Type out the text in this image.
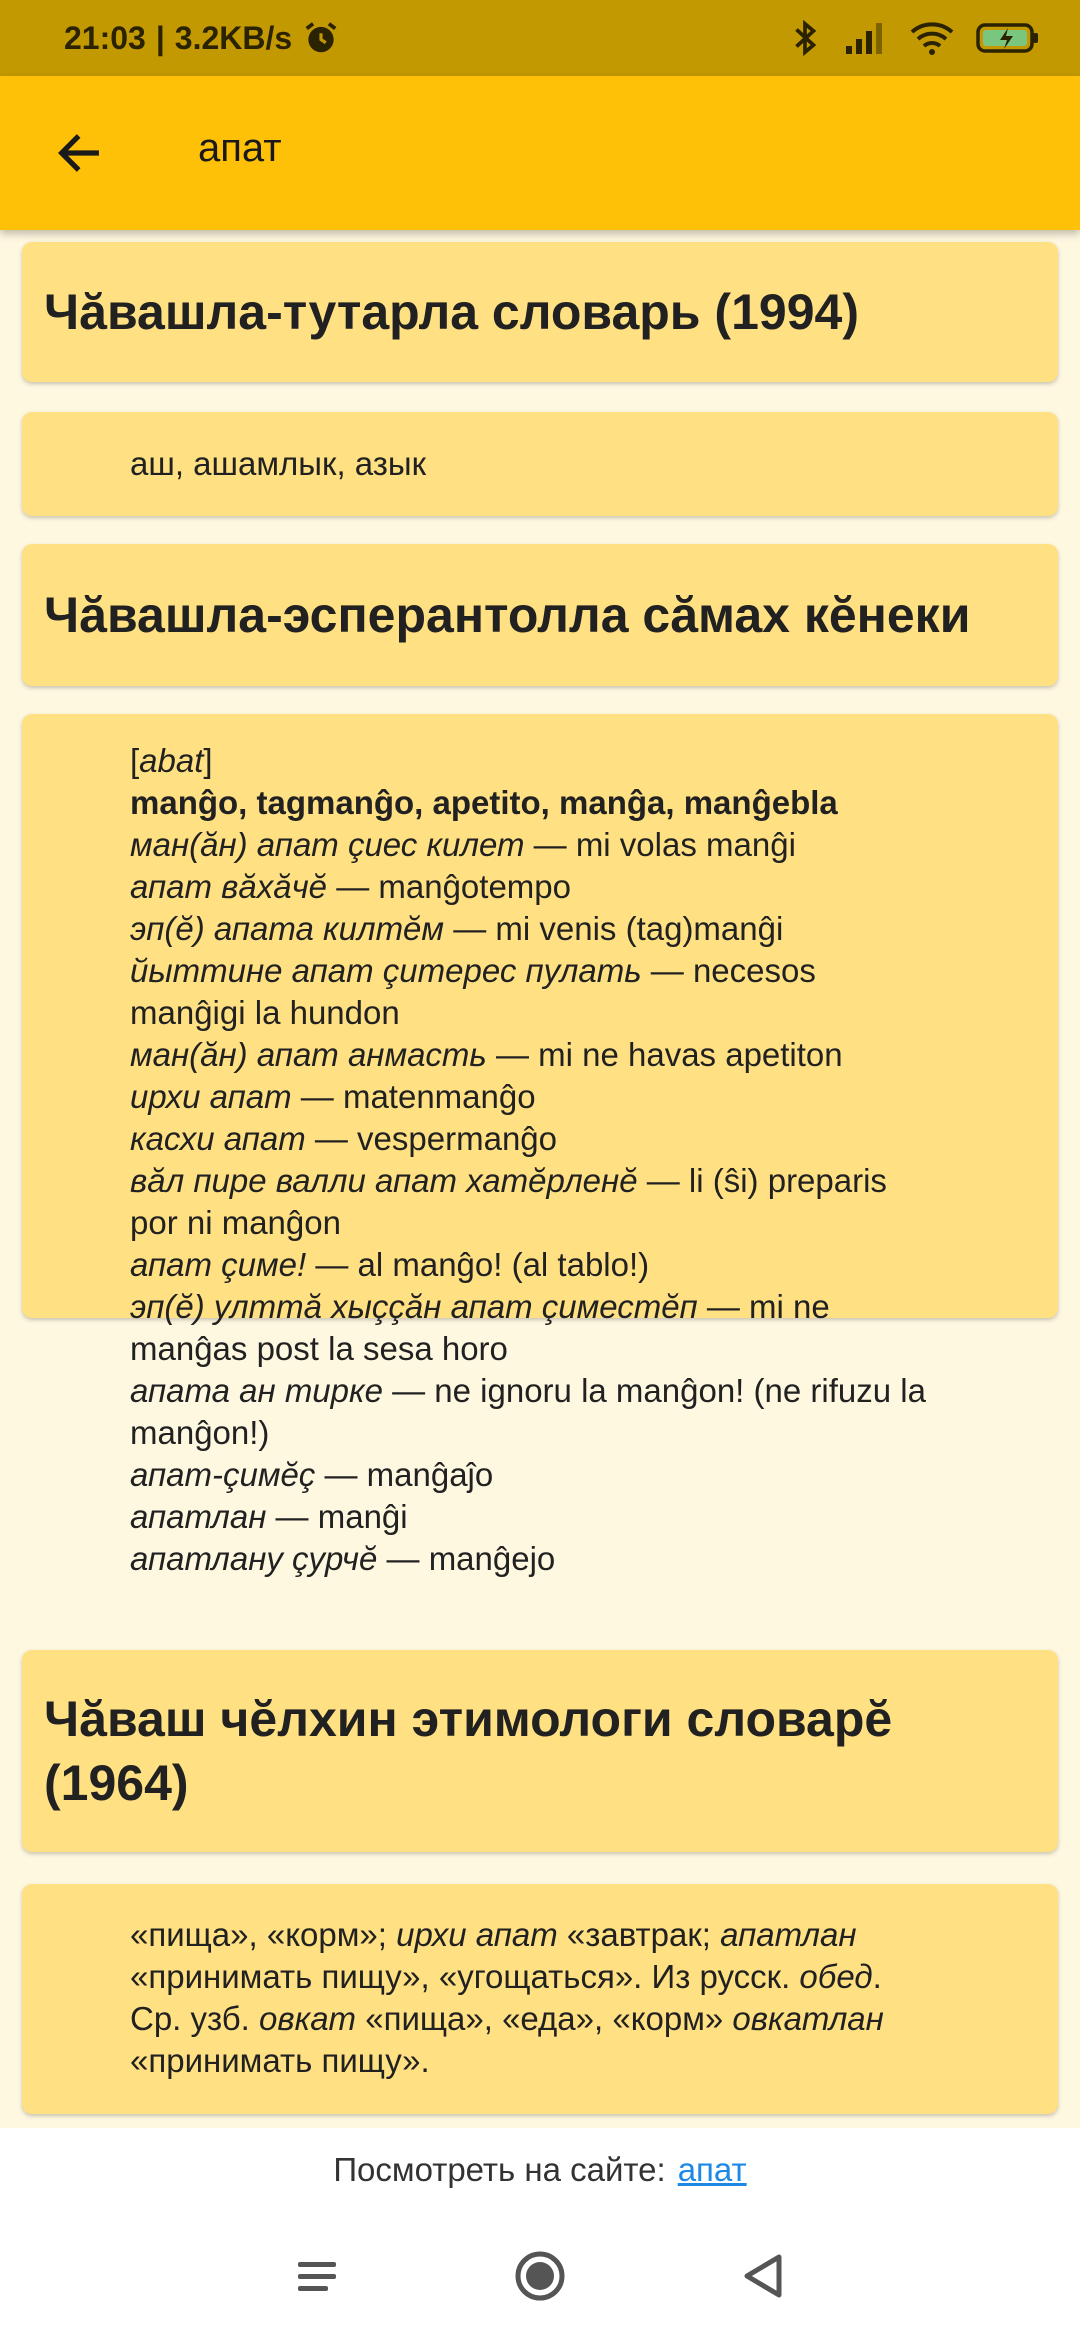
21:03 | 3.2KB/s
апат
Чăвашла-тутарла словарь (1994)
аш, ашамлык, азык
Чăвашла-эсперантолла сăмах кĕнеки
[abat]
manĝo, tagmanĝo, apetito, manĝa, manĝebla
ман(ăн) апат çиес килет — mi volas manĝi
апат вăхăчĕ — manĝotempo
эп(ĕ) апата килтĕм — mi venis (tag)manĝi
йыттине апат çитерес пулать — necesos manĝigi la hundon
ман(ăн) апат анмасть — mi ne havas apetiton
ирхи апат — matenmanĝo
касхи апат — vespermanĝo
вăл пире валли апат хатĕрленĕ — li (ŝi) preparis por ni manĝon
апат çиме! — al manĝo! (al tablo!)
эп(ĕ) улттă хыççăн апат çиместĕп — mi ne manĝas post la sesa horo
апата ан тирке — ne ignoru la manĝon! (ne rifuzu la manĝon!)
апат-çимĕç — manĝaĵo
апатлан — manĝi
апатлану çурчĕ — manĝejo
Чăваш чĕлхин этимологи словарĕ (1964)
«пища», «корм»; ирхи апат «завтрак; апатлан «принимать пищу», «угощаться». Из русск. обед. Ср. узб. овкат «пища», «еда», «корм» овкатлан «принимать пищу».
Посмотреть на сайте: апат
